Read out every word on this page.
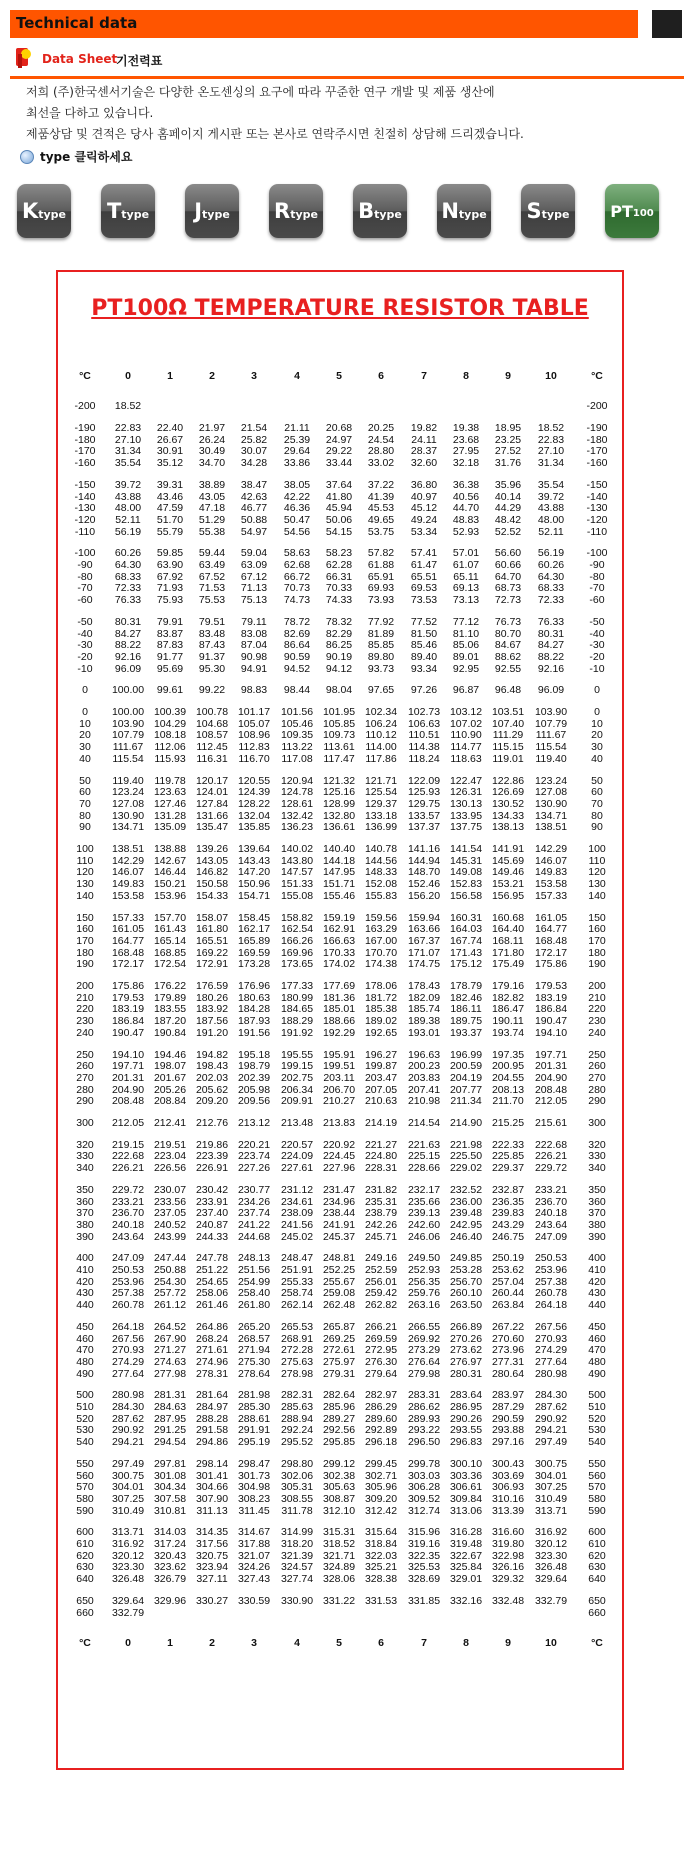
Technical data
Data Sheet
기전력표
저희 (주)한국센서기술은 다양한 온도센싱의 요구에 따라 꾸준한 연구 개발 및 제품 생산에
최선을 다하고 있습니다.
제품상담 및 견적은 당사 홈페이지 게시판 또는 본사로 연락주시면 친절히 상담해 드리겠습니다.
type 클릭하세요
K type T type J type R type B type N type S type	PT 100
PT100Ω TEMPERATURE RESISTOR TABLE
°C	0	1	2	3	4	5	6	7	8	9	10	°C
-200	18.52	-200
-190	22.83	22.40	21.97	21.54	21.11	20.68	20.25	19.82	19.38	18.95	18.52	-190
-180	27.10	26.67	26.24	25.82	25.39	24.97	24.54	24.11	23.68	23.25	22.83	-180
-170	31.34	30.91	30.49	30.07	29.64	29.22	28.80	28.37	27.95	27.52	27.10	-170
-160	35.54	35.12	34.70	34.28	33.86	33.44	33.02	32.60	32.18	31.76	31.34	-160
-150	39.72	39.31	38.89	38.47	38.05	37.64	37.22	36.80	36.38	35.96	35.54	-150
-140	43.88	43.46	43.05	42.63	42.22	41.80	41.39	40.97	40.56	40.14	39.72	-140
-130	48.00	47.59	47.18	46.77	46.36	45.94	45.53	45.12	44.70	44.29	43.88	-130
-120	52.11	51.70	51.29	50.88	50.47	50.06	49.65	49.24	48.83	48.42	48.00	-120
-110	56.19	55.79	55.38	54.97	54.56	54.15	53.75	53.34	52.93	52.52	52.11	-110
-100	60.26	59.85	59.44	59.04	58.63	58.23	57.82	57.41	57.01	56.60	56.19	-100
-90	64.30	63.90	63.49	63.09	62.68	62.28	61.88	61.47	61.07	60.66	60.26	-90
-80	68.33	67.92	67.52	67.12	66.72	66.31	65.91	65.51	65.11	64.70	64.30	-80
-70	72.33	71.93	71.53	71.13	70.73	70.33	69.93	69.53	69.13	68.73	68.33	-70
-60	76.33	75.93	75.53	75.13	74.73	74.33	73.93	73.53	73.13	72.73	72.33	-60
-50	80.31	79.91	79.51	79.11	78.72	78.32	77.92	77.52	77.12	76.73	76.33	-50
-40	84.27	83.87	83.48	83.08	82.69	82.29	81.89	81.50	81.10	80.70	80.31	-40
-30	88.22	87.83	87.43	87.04	86.64	86.25	85.85	85.46	85.06	84.67	84.27	-30
-20	92.16	91.77	91.37	90.98	90.59	90.19	89.80	89.40	89.01	88.62	88.22	-20
-10	96.09	95.69	95.30	94.91	94.52	94.12	93.73	93.34	92.95	92.55	92.16	-10
0	100.00	99.61	99.22	98.83	98.44	98.04	97.65	97.26	96.87	96.48	96.09	0
0	100.00 100.39 100.78 101.17	101.56 101.95 102.34	102.73 103.12 103.51	103.90	0
10	103.90 104.29 104.68 105.07	105.46 105.85 106.24	106.63 107.02 107.40	107.79	10
20	107.79 108.18 108.57 108.96	109.35 109.73 110.12	110.51	110.90	111.29	111.67	20
30	111.67	112.06	112.45	112.83	113.22	113.61	114.00	114.38	114.77	115.15	115.54	30
40	115.54	115.93	116.31	116.70	117.08	117.47	117.86	118.24	118.63	119.01	119.40	40
50	119.40	119.78 120.17 120.55	120.94 121.32 121.71	122.09 122.47 122.86	123.24	50
60	123.24 123.63 124.01 124.39	124.78 125.16 125.54	125.93 126.31 126.69	127.08	60
70	127.08 127.46 127.84 128.22	128.61 128.99 129.37	129.75 130.13 130.52	130.90	70
80	130.90 131.28 131.66 132.04	132.42 132.80 133.18	133.57 133.95 134.33	134.71	80
90	134.71 135.09 135.47 135.85	136.23 136.61 136.99	137.37 137.75 138.13	138.51	90
100	138.51 138.88 139.26 139.64	140.02 140.40 140.78	141.16 141.54 141.91	142.29	100
110	142.29 142.67 143.05 143.43	143.80 144.18 144.56	144.94 145.31 145.69	146.07	110
120	146.07 146.44 146.82 147.20	147.57 147.95 148.33	148.70 149.08 149.46	149.83	120
130	149.83 150.21 150.58 150.96	151.33 151.71 152.08	152.46 152.83 153.21	153.58	130
140	153.58 153.96 154.33 154.71	155.08 155.46 155.83	156.20 156.58 156.95	157.33	140
150	157.33 157.70 158.07 158.45	158.82 159.19 159.56	159.94 160.31 160.68	161.05	150
160	161.05 161.43 161.80 162.17	162.54 162.91 163.29	163.66 164.03 164.40	164.77	160
170	164.77 165.14 165.51 165.89	166.26 166.63 167.00	167.37 167.74 168.11	168.48	170
180	168.48 168.85 169.22 169.59	169.96 170.33 170.70	171.07 171.43 171.80	172.17	180
190	172.17 172.54 172.91 173.28	173.65 174.02 174.38	174.75 175.12 175.49	175.86	190
200	175.86 176.22 176.59 176.96	177.33 177.69 178.06	178.43 178.79 179.16	179.53	200
210	179.53 179.89 180.26 180.63	180.99 181.36 181.72	182.09 182.46 182.82	183.19	210
220	183.19 183.55 183.92 184.28	184.65 185.01 185.38	185.74 186.11 186.47	186.84	220
230	186.84 187.20 187.56 187.93	188.29 188.66 189.02	189.38 189.75 190.11	190.47	230
240	190.47 190.84 191.20 191.56	191.92 192.29 192.65	193.01 193.37 193.74	194.10	240
250	194.10 194.46 194.82 195.18	195.55 195.91 196.27	196.63 196.99 197.35	197.71	250
260	197.71 198.07 198.43 198.79	199.15 199.51 199.87	200.23 200.59 200.95	201.31	260
270	201.31 201.67 202.03 202.39	202.75 203.11 203.47	203.83 204.19 204.55	204.90	270
280	204.90 205.26 205.62 205.98	206.34 206.70 207.05	207.41 207.77 208.13	208.48	280
290	208.48 208.84 209.20 209.56	209.91 210.27 210.63	210.98 211.34	211.70	212.05	290
300	212.05 212.41 212.76 213.12	213.48 213.83 214.19	214.54 214.90 215.25	215.61	300
320	219.15 219.51 219.86 220.21	220.57 220.92 221.27	221.63 221.98 222.33	222.68	320
330	222.68 223.04 223.39 223.74	224.09 224.45 224.80	225.15 225.50 225.85	226.21	330
340	226.21 226.56 226.91 227.26	227.61 227.96 228.31	228.66 229.02 229.37	229.72	340
350	229.72 230.07 230.42 230.77	231.12 231.47 231.82	232.17 232.52 232.87	233.21	350
360	233.21 233.56 233.91 234.26	234.61 234.96 235.31	235.66 236.00 236.35	236.70	360
370	236.70 237.05 237.40 237.74	238.09 238.44 238.79	239.13 239.48 239.83	240.18	370
380	240.18 240.52 240.87 241.22	241.56 241.91 242.26	242.60 242.95 243.29	243.64	380
390	243.64 243.99 244.33 244.68	245.02 245.37 245.71	246.06 246.40 246.75	247.09	390
400	247.09 247.44 247.78 248.13	248.47 248.81 249.16	249.50 249.85 250.19	250.53	400
410	250.53 250.88 251.22 251.56	251.91 252.25 252.59	252.93 253.28 253.62	253.96	410
420	253.96 254.30 254.65 254.99	255.33 255.67 256.01	256.35 256.70 257.04	257.38	420
430	257.38 257.72 258.06 258.40	258.74 259.08 259.42	259.76 260.10 260.44	260.78	430
440	260.78 261.12 261.46 261.80	262.14 262.48 262.82	263.16 263.50 263.84	264.18	440
450	264.18 264.52 264.86 265.20	265.53 265.87 266.21	266.55 266.89 267.22	267.56	450
460	267.56 267.90 268.24 268.57	268.91 269.25 269.59	269.92 270.26 270.60	270.93	460
470	270.93 271.27 271.61 271.94	272.28 272.61 272.95	273.29 273.62 273.96	274.29	470
480	274.29 274.63 274.96 275.30	275.63 275.97 276.30	276.64 276.97 277.31	277.64	480
490	277.64 277.98 278.31 278.64	278.98 279.31 279.64	279.98 280.31 280.64	280.98	490
500	280.98 281.31 281.64 281.98	282.31 282.64 282.97	283.31 283.64 283.97	284.30	500
510	284.30 284.63 284.97 285.30	285.63 285.96 286.29	286.62 286.95 287.29	287.62	510
520	287.62 287.95 288.28 288.61	288.94 289.27 289.60	289.93 290.26 290.59	290.92	520
530	290.92 291.25 291.58 291.91	292.24 292.56 292.89	293.22 293.55 293.88	294.21	530
540	294.21 294.54 294.86 295.19	295.52 295.85 296.18	296.50 296.83 297.16	297.49	540
550	297.49 297.81 298.14 298.47	298.80 299.12 299.45	299.78 300.10 300.43	300.75	550
560	300.75 301.08 301.41 301.73	302.06 302.38 302.71	303.03 303.36 303.69	304.01	560
570	304.01 304.34 304.66 304.98	305.31 305.63 305.96	306.28 306.61 306.93	307.25	570
580	307.25 307.58 307.90 308.23	308.55 308.87 309.20	309.52 309.84 310.16	310.49	580
590	310.49 310.81 311.13	311.45	311.78 312.10 312.42	312.74 313.06 313.39	313.71	590
600	313.71 314.03 314.35 314.67	314.99 315.31 315.64	315.96 316.28 316.60	316.92	600
610	316.92 317.24 317.56 317.88	318.20 318.52 318.84	319.16 319.48 319.80	320.12	610
620	320.12 320.43 320.75 321.07	321.39 321.71 322.03	322.35 322.67 322.98	323.30	620
630	323.30 323.62 323.94 324.26	324.57 324.89 325.21	325.53 325.84 326.16	326.48	630
640	326.48 326.79 327.11 327.43	327.74 328.06 328.38	328.69 329.01 329.32	329.64	640
650	329.64 329.96 330.27 330.59	330.90 331.22 331.53	331.85 332.16 332.48	332.79	650
660	332.79	660
°C	0	1	2	3	4	5	6	7	8	9	10	°C
